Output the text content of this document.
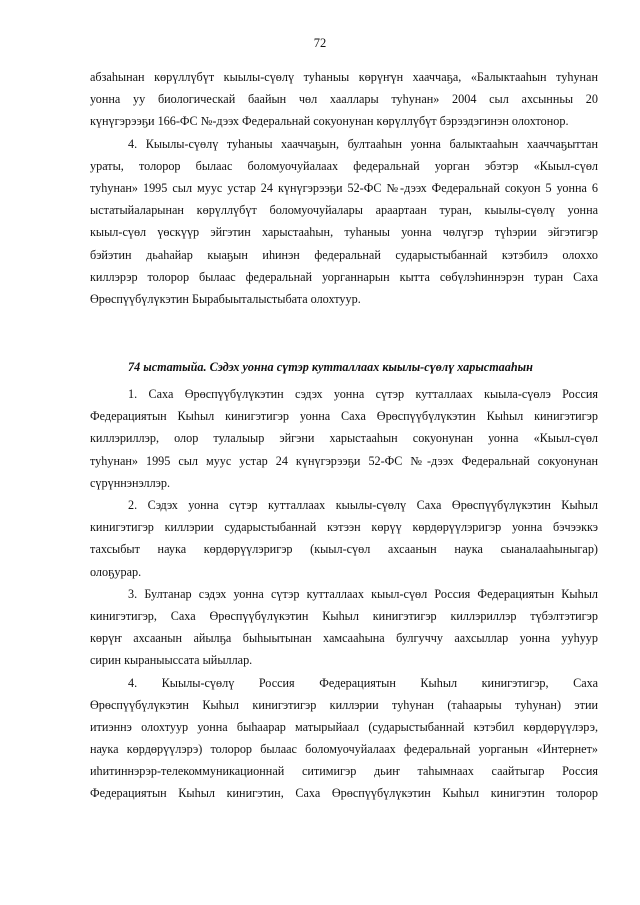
72
абзаһынан көрүллүбүт кыылы-сүөлү туһаныы көрүҥүн хааччаҕа, «Балыктааһын туһунан
уонна уу биологическай баайын чөл хааллары туһунан» 2004 сыл ахсынньы 20
күнүгэрээҕи 166-ФС №-дээх Федеральнай сокуонунан көрүллүбүт бэрээдэгинэн олохтонор.
4. Кыылы-сүөлү туһаныы хааччаҕын, бултааһын уонна балыктааһын хааччаҕыттан
ураты, толорор былаас боломуочуйалаах федеральнай уорган эбэтэр «Кыыл-сүөл
туһунан» 1995 сыл муус устар 24 күнүгэрээҕи 52-ФС №-дээх Федеральнай сокуон 5 уонна 6
ыстатыйаларынан көрүллүбүт боломуочуйалары араартаан туран, кыылы-сүөлү уонна
кыыл-сүөл үөскүүр эйгэтин харыстааһын, туһаныы уонна чөлүгэр түһэрии эйгэтигэр
бэйэтин дьаһайар кыаҕын иһинэн федеральнай сударыстыбаннай кэтэбилэ олоххо
киллэрэр толорор былаас федеральнай уорганнарын кытта сөбүлэһиннэрэн туран Саха
Өрөспүүбүлүкэтин Бырабыыталыстыбата олохтуур.
74 ыстатыйа. Сэдэх уонна сүтэр кутталлаах кыылы-сүөлү харыстааһын
1. Саха Өрөспүүбүлүкэтин сэдэх уонна сүтэр кутталлаах кыыла-сүөлэ Россия
Федерациятын Кыһыл кинигэтигэр уонна Саха Өрөспүүбүлүкэтин Кыһыл кинигэтигэр
киллэриллэр, олор тулалыыр эйгэни харыстааһын сокуонунан уонна «Кыыл-сүөл
туһунан» 1995 сыл муус устар 24 күнүгэрээҕи 52-ФС №-дээх Федеральнай сокуонунан
сүрүннэнэллэр.
2. Сэдэх уонна сүтэр кутталлаах кыылы-сүөлү Саха Өрөспүүбүлүкэтин Кыһыл
кинигэтигэр киллэрии сударыстыбаннай кэтээн көрүү көрдөрүүлэригэр уонна бэчээккэ
тахсыбыт наука көрдөрүүлэригэр (кыыл-сүөл ахсаанын наука сыаналааһыныгар)
олоҕурар.
3. Бултанар сэдэх уонна сүтэр кутталлаах кыыл-сүөл Россия Федерациятын Кыһыл
кинигэтигэр, Саха Өрөспүүбүлүкэтин Кыһыл кинигэтигэр киллэриллэр түбэлтэтигэр
көрүҥ ахсаанын айылҕа быһыытынан хамсааһына булгуччу аахсыллар уонна ууһуур
сирин кыраныыссата ыйыллар.
4. Кыылы-сүөлү Россия Федерациятын Кыһыл кинигэтигэр, Саха
Өрөспүүбүлүкэтин Кыһыл кинигэтигэр киллэрии туһунан (таһаарыы туһунан) этии
итиэннэ олохтуур уонна быһаарар матырыйаал (сударыстыбаннай кэтэбил көрдөрүүлэрэ,
наука көрдөрүүлэрэ) толорор былаас боломуочуйалаах федеральнай уорганын «Интернет»
иһитиннэрэр-телекоммуникационнай ситимигэр дьиҥ таһымнаах саайтыгар Россия
Федерациятын Кыһыл кинигэтин, Саха Өрөспүүбүлүкэтин Кыһыл кинигэтин толорор
